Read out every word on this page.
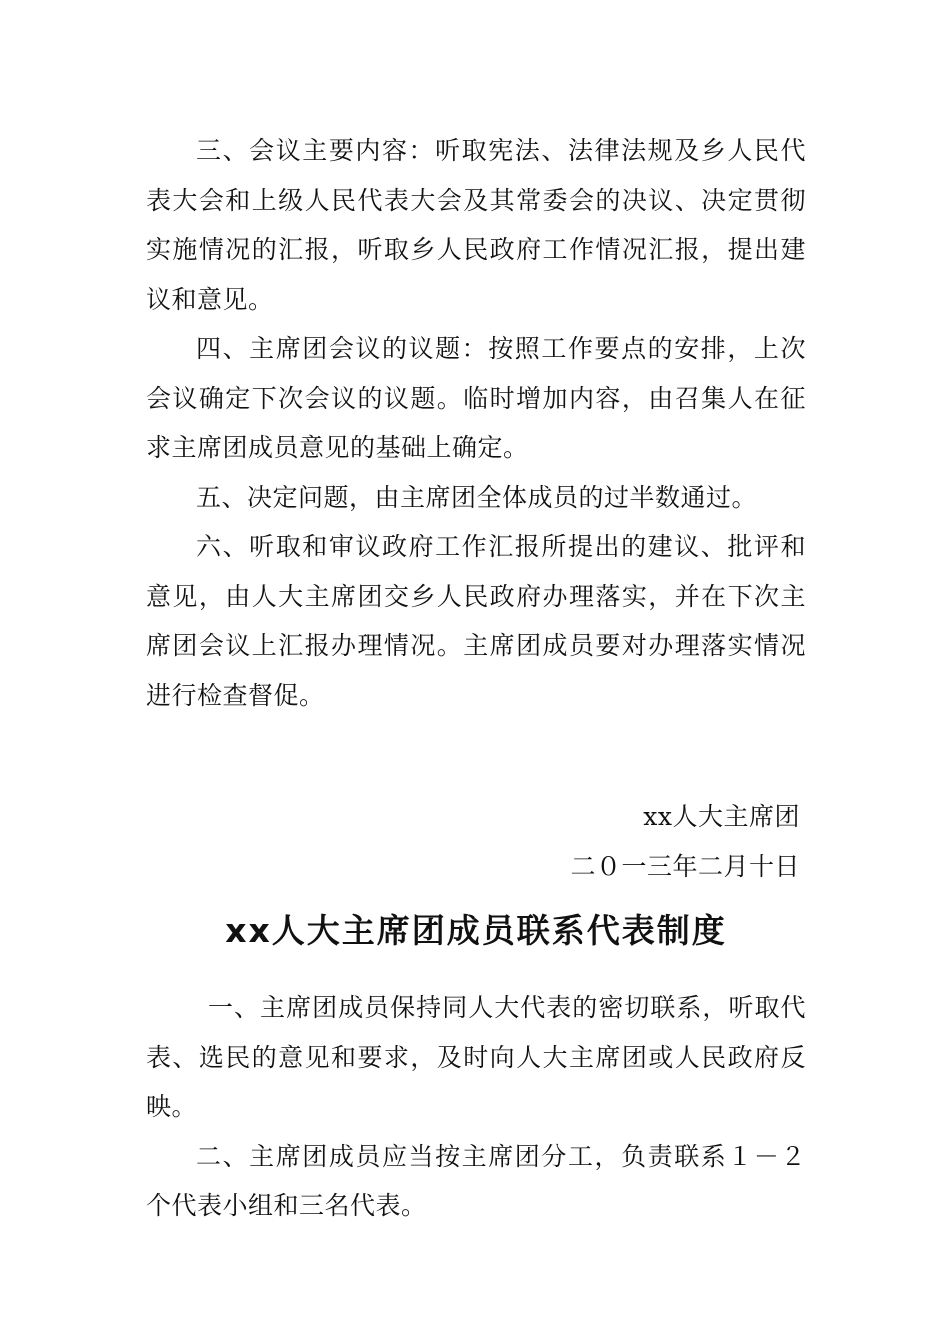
三、会议主要内容：听取宪法、法律法规及乡人民代表大会和上级人民代表大会及其常委会的决议、决定贯彻实施情况的汇报，听取乡人民政府工作情况汇报，提出建议和意见。

四、主席团会议的议题：按照工作要点的安排，上次会议确定下次会议的议题。临时增加内容，由召集人在征求主席团成员意见的基础上确定。

五、决定问题，由主席团全体成员的过半数通过。

六、听取和审议政府工作汇报所提出的建议、批评和意见，由人大主席团交乡人民政府办理落实，并在下次主席团会议上汇报办理情况。主席团成员要对办理落实情况进行检查督促。

xx人大主席团

二０一三年二月十日

xx人大主席团成员联系代表制度

一、主席团成员保持同人大代表的密切联系，听取代表、选民的意见和要求，及时向人大主席团或人民政府反映。

二、主席团成员应当按主席团分工，负责联系１－２个代表小组和三名代表。
